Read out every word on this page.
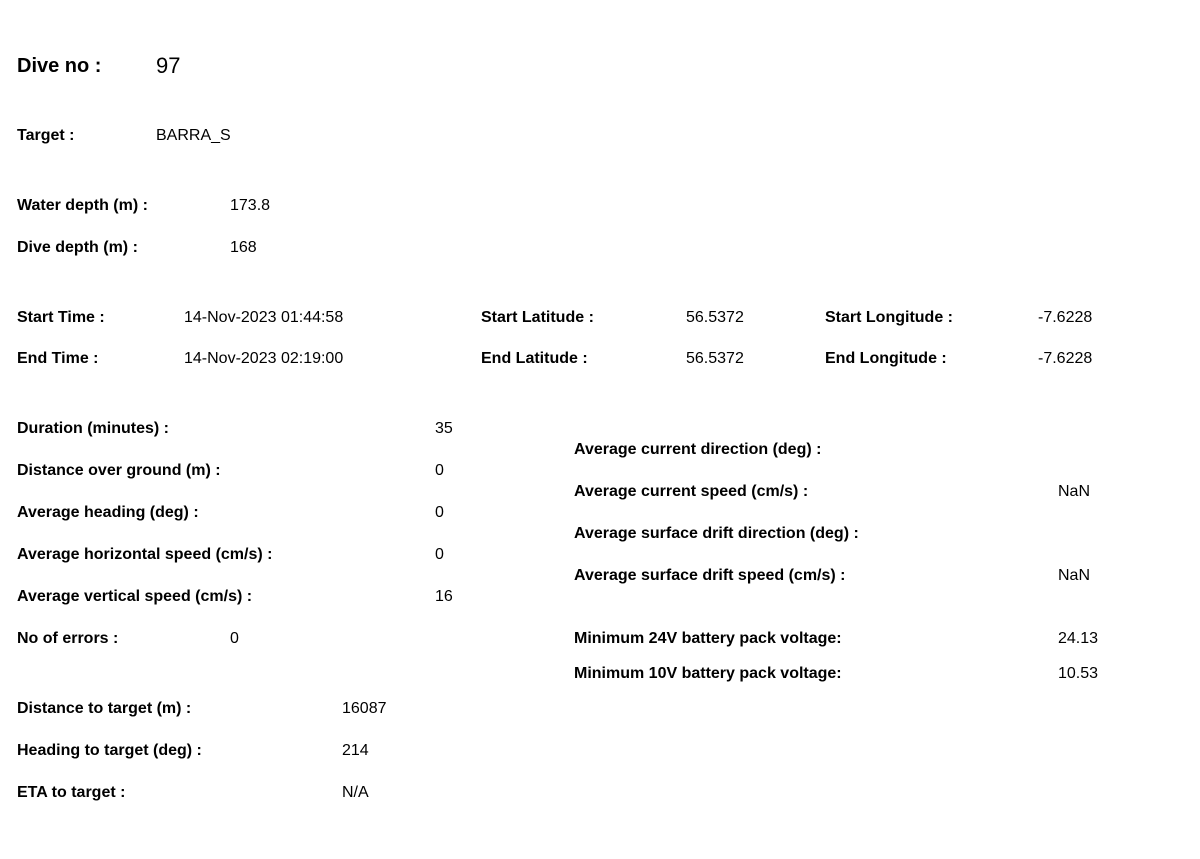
Dive no : 97
Target :	BARRA_S
Water depth (m) :	173.8
Dive depth (m) :	168
Start Time :	14-Nov-2023 01:44:58
End Time :	14-Nov-2023 02:19:00
Start Latitude :	56.5372
End Latitude :	56.5372
Start Longitude :	-7.6228
End Longitude :	-7.6228
Duration (minutes) :	35
Distance over ground (m) :	0
Average heading (deg) :	0
Average horizontal speed (cm/s) :	0
Average vertical speed (cm/s) :	16
No of errors :	0
Average current direction (deg) :
Average current speed (cm/s) :	NaN
Average surface drift direction (deg) :
Average surface drift speed (cm/s) :	NaN
Minimum 24V battery pack voltage:	24.13
Minimum 10V battery pack voltage:	10.53
Distance to target (m) :	16087
Heading to target (deg) :	214
ETA to target :	N/A
